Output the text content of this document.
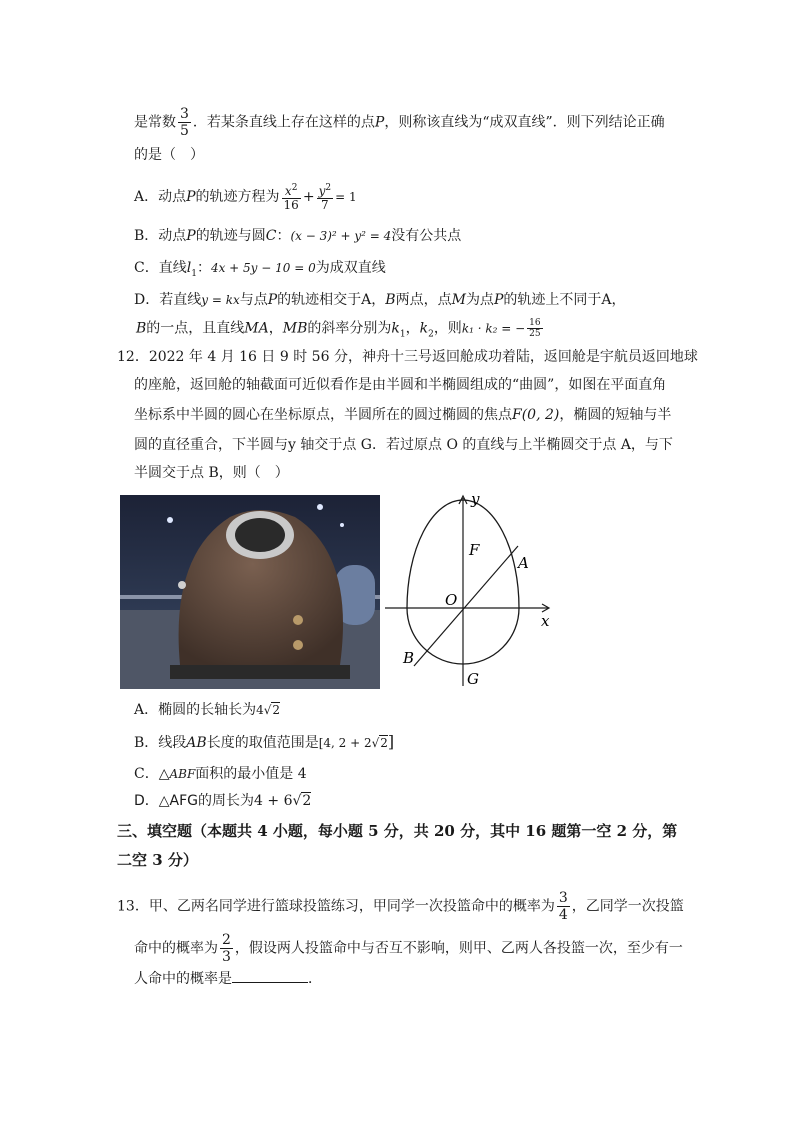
是常数 $\frac{3}{5}$ ．若某条直线上存在这样的点P，则称该直线为“成双直线”．则下列结论正确
的是（　）
A．动点P的轨迹方程为 $\frac{x^2}{16} + \frac{y^2}{7} = 1$
B．动点P的轨迹与圆C：(x − 3)² + y² = 4没有公共点
C．直线$l_1$：4x + 5y − 10 = 0为成双直线
D．若直线y = kx与点P的轨迹相交于A，B两点，点M为点P的轨迹上不同于A，
B的一点，且直线MA，MB的斜率分别为$k_1$，$k_2$，则k₁ · k₂ = − $\frac{16}{25}$
12．2022 年 4 月 16 日 9 时 56 分，神舟十三号返回舱成功着陆，返回舱是宇航员返回地球
的座舱，返回舱的轴截面可近似看作是由半圆和半椭圆组成的“曲圆”，如图在平面直角
坐标系中半圆的圆心在坐标原点，半圆所在的圆过椭圆的焦点F(0, 2)，椭圆的短轴与半
圆的直径重合，下半圆与y 轴交于点 G．若过原点 O 的直线与上半椭圆交于点 A，与下
半圆交于点 B，则（　）
y
x
F
A
O
B
G
A．椭圆的长轴长为4√2
B．线段AB长度的取值范围是[4, 2 + 2√2]
C．△ABF面积的最小值是 4
D．△AFG的周长为4 + 6√2
三、填空题（本题共 4 小题，每小题 5 分，共 20 分，其中 16 题第一空 2 分，第
二空 3 分）
13．甲、乙两名同学进行篮球投篮练习，甲同学一次投篮命中的概率为 $\frac{3}{4}$ ，乙同学一次投篮
命中的概率为 $\frac{2}{3}$ ，假设两人投篮命中与否互不影响，则甲、乙两人各投篮一次，至少有一
人命中的概率是	．
